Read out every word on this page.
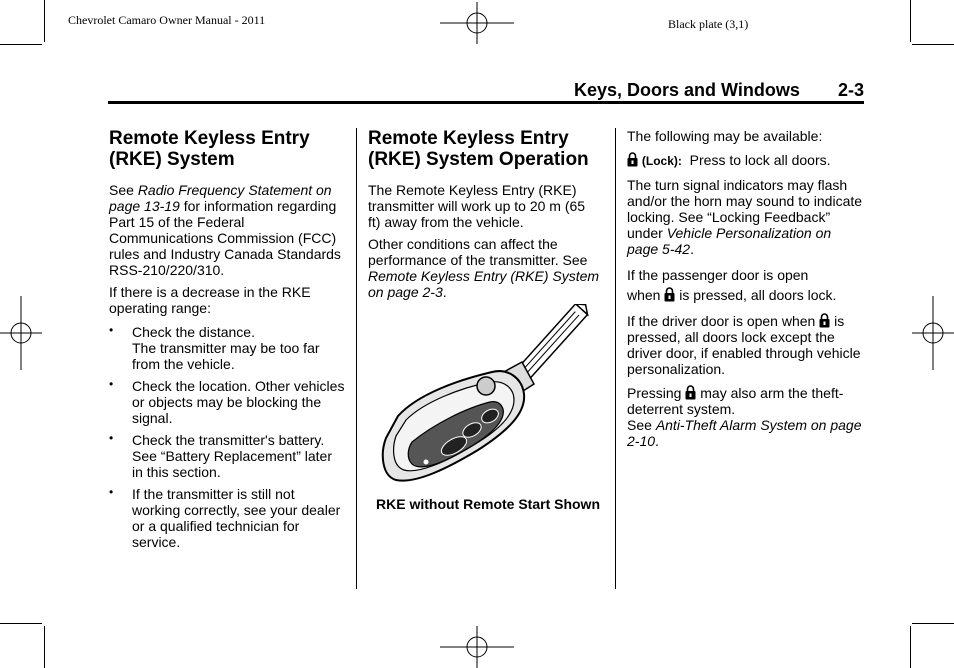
Chevrolet Camaro Owner Manual - 2011	Black plate (3,1)
Keys, Doors and Windows 2-3
Remote Keyless Entry (RKE) System

See Radio Frequency Statement on page 13-19 for information regarding Part 15 of the Federal Communications Commission (FCC) rules and Industry Canada Standards RSS-210/220/310.

If there is a decrease in the RKE operating range:

• Check the distance.
The transmitter may be too far from the vehicle.
• Check the location. Other vehicles or objects may be blocking the signal.
• Check the transmitter's battery. See “Battery Replacement” later in this section.
• If the transmitter is still not working correctly, see your dealer or a qualified technician for service.
Remote Keyless Entry (RKE) System Operation

The Remote Keyless Entry (RKE) transmitter will work up to 20 m (65 ft) away from the vehicle.

Other conditions can affect the performance of the transmitter. See Remote Keyless Entry (RKE) System on page 2-3.

RKE without Remote Start Shown

The following may be available:

(Lock): Press to lock all doors.

The turn signal indicators may flash and/or the horn may sound to indicate locking. See “Locking Feedback” under Vehicle Personalization on page 5-42.

If the passenger door is open
when  is pressed, all doors lock.

If the driver door is open when  is pressed, all doors lock except the driver door, if enabled through vehicle personalization.

Pressing  may also arm the theft-deterrent system.
See Anti-Theft Alarm System on page 2-10.
